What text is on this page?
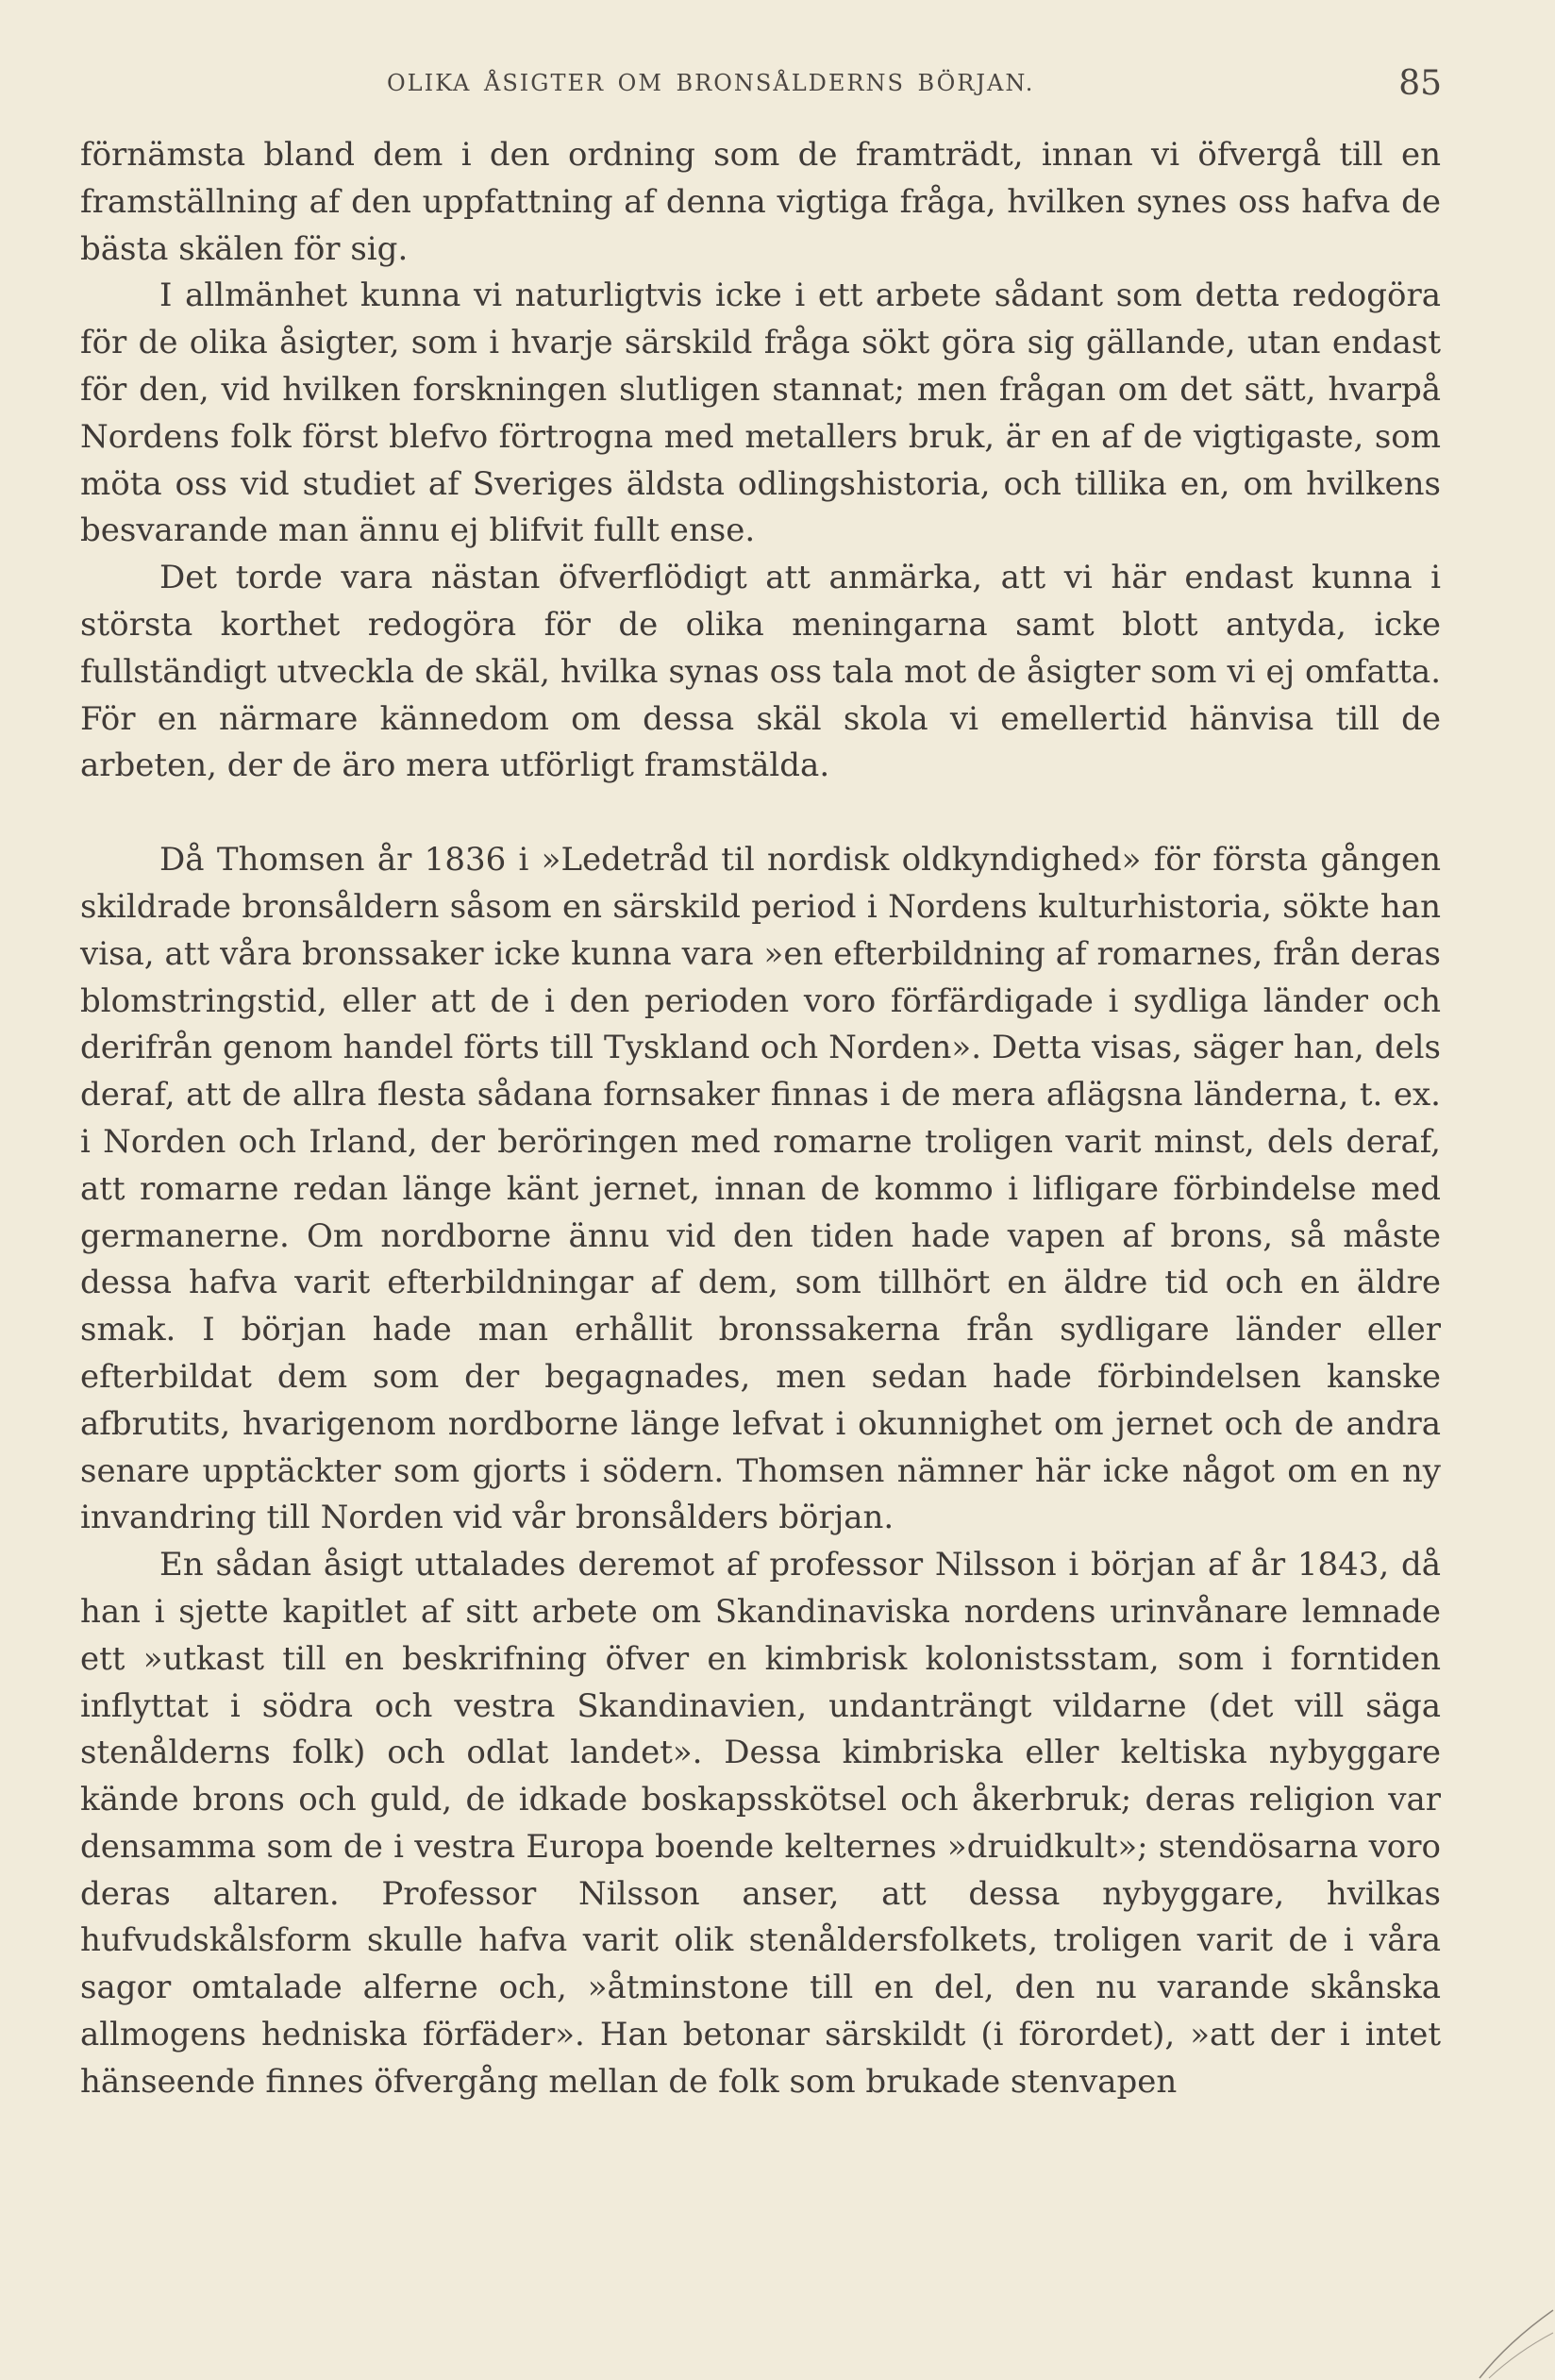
OLIKA ÅSIGTER OM BRONSÅLDERNS BÖRJAN.	85

förnämsta bland dem i den ordning som de framträdt, innan vi öfvergå till en framställning af den uppfattning af denna vigtiga fråga, hvilken synes oss hafva de bästa skälen för sig.

I allmänhet kunna vi naturligtvis icke i ett arbete sådant som detta redogöra för de olika åsigter, som i hvarje särskild fråga sökt göra sig gällande, utan endast för den, vid hvilken forskningen slutligen stannat; men frågan om det sätt, hvarpå Nordens folk först blefvo förtrogna med metallers bruk, är en af de vigtigaste, som möta oss vid studiet af Sveriges äldsta odlingshistoria, och tillika en, om hvilkens besvarande man ännu ej blifvit fullt ense.

Det torde vara nästan öfverflödigt att anmärka, att vi här endast kunna i största korthet redogöra för de olika meningarna samt blott antyda, icke fullständigt utveckla de skäl, hvilka synas oss tala mot de åsigter som vi ej omfatta. För en närmare kännedom om dessa skäl skola vi emellertid hänvisa till de arbeten, der de äro mera utförligt framstälda.

Då Thomsen år 1836 i »Ledetråd til nordisk oldkyndighed» för första gången skildrade bronsåldern såsom en särskild period i Nordens kulturhistoria, sökte han visa, att våra bronssaker icke kunna vara »en efterbildning af romarnes, från deras blomstringstid, eller att de i den perioden voro förfärdigade i sydliga länder och derifrån genom handel förts till Tyskland och Norden». Detta visas, säger han, dels deraf, att de allra flesta sådana fornsaker finnas i de mera aflägsna länderna, t. ex. i Norden och Irland, der beröringen med romarne troligen varit minst, dels deraf, att romarne redan länge känt jernet, innan de kommo i lifligare förbindelse med germanerne. Om nordborne ännu vid den tiden hade vapen af brons, så måste dessa hafva varit efterbildningar af dem, som tillhört en äldre tid och en äldre smak. I början hade man erhållit bronssakerna från sydligare länder eller efterbildat dem som der begagnades, men sedan hade förbindelsen kanske afbrutits, hvarigenom nordborne länge lefvat i okunnighet om jernet och de andra senare upptäckter som gjorts i södern. Thomsen nämner här icke något om en ny invandring till Norden vid vår bronsålders början.

En sådan åsigt uttalades deremot af professor Nilsson i början af år 1843, då han i sjette kapitlet af sitt arbete om Skandinaviska nordens urinvånare lemnade ett »utkast till en beskrifning öfver en kimbrisk kolonistsstam, som i forntiden inflyttat i södra och vestra Skandinavien, undanträngt vildarne (det vill säga stenålderns folk) och odlat landet». Dessa kimbriska eller keltiska nybyggare kände brons och guld, de idkade boskapsskötsel och åkerbruk; deras religion var densamma som de i vestra Europa boende kelternes »druidkult»; stendösarna voro deras altaren. Professor Nilsson anser, att dessa nybyggare, hvilkas hufvudskålsform skulle hafva varit olik stenåldersfolkets, troligen varit de i våra sagor omtalade alferne och, »åtminstone till en del, den nu varande skånska allmogens hedniska förfäder». Han betonar särskildt (i förordet), »att der i intet hänseende finnes öfvergång mellan de folk som brukade stenvapen
